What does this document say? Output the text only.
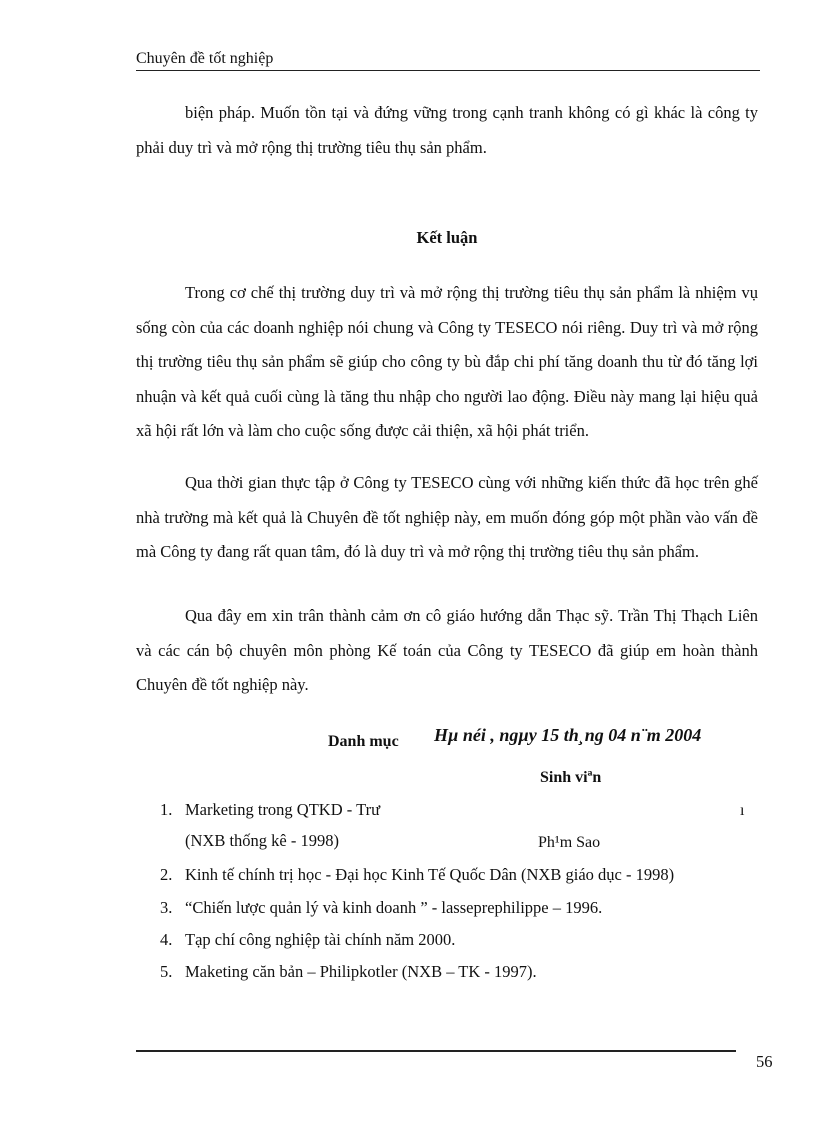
Chuyên đề tốt nghiệp

biện pháp. Muốn tồn tại và đứng vững trong cạnh tranh không có gì khác là công ty phải duy trì và mở rộng thị trường tiêu thụ sản phẩm.

Kết luận

Trong cơ chế thị trường duy trì và mở rộng thị trường tiêu thụ sản phẩm là nhiệm vụ sống còn của các doanh nghiệp nói chung và Công ty TESECO nói riêng. Duy trì và mở rộng thị trường tiêu thụ sản phẩm sẽ giúp cho công ty bù đắp chi phí tăng doanh thu từ đó tăng lợi nhuận và kết quả cuối cùng là tăng thu nhập cho người lao động. Điều này mang lại hiệu quả xã hội rất lớn và làm cho cuộc sống được cải thiện, xã hội phát triển.

Qua thời gian thực tập ở Công ty TESECO cùng với những kiến thức đã học trên ghế nhà trường mà kết quả là Chuyên đề tốt nghiệp này, em muốn đóng góp một phần vào vấn đề mà Công ty đang rất quan tâm, đó là duy trì và mở rộng thị trường tiêu thụ sản phẩm.

Qua đây em xin trân thành cảm ơn cô giáo hướng dẫn Thạc sỹ. Trần Thị Thạch Liên và các cán bộ chuyên môn phòng Kế toán của Công ty TESECO đã giúp em hoàn thành Chuyên đề tốt nghiệp này.

Danh mục
1. Marketing trong QTKD - Trư
(NXB thống kê - 1998)
Hµ néi , ngµy 15 th¸ng 04 n¨m 2004
Sinh viªn
Ph¹m Sao
ı
2. Kinh tế chính trị học - Đại học Kinh Tế Quốc Dân (NXB giáo dục - 1998)
3. “Chiến lược quản lý và kinh doanh ” - lasseprephilippe – 1996.
4. Tạp chí công nghiệp tài chính năm 2000.
5. Maketing căn bản – Philipkotler (NXB – TK - 1997).
56
